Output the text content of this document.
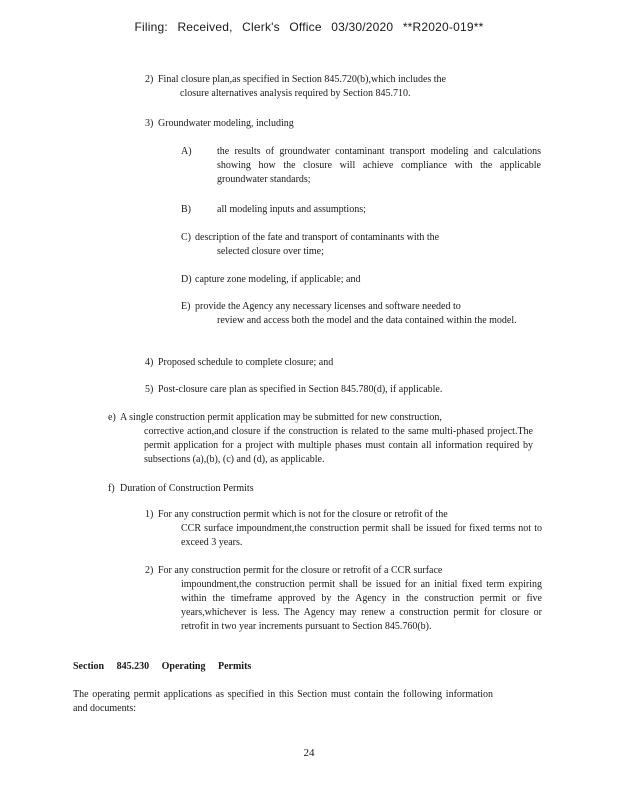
Filing: Received, Clerk's Office 03/30/2020 **R2020-019**
2) Final closure plan,as specified in Section 845.720(b),which includes the
closure alternatives analysis required by Section 845.710.
3) Groundwater modeling, including
A)	the results of groundwater contaminant transport modeling and calculations showing how the closure will achieve compliance with the applicable groundwater standards;
B)	all modeling inputs and assumptions;
C) description of the fate and transport of contaminants with the
selected closure over time;
D) capture zone modeling, if applicable; and
E) provide the Agency any necessary licenses and software needed to
review and access both the model and the data contained within the model.
4) Proposed schedule to complete closure; and
5) Post-closure care plan as specified in Section 845.780(d), if applicable.
e) A single construction permit application may be submitted for new construction,
corrective action,and closure if the construction is related to the same multi-phased project.The permit application for a project with multiple phases must contain all information required by subsections (a),(b), (c) and (d), as applicable.
f) Duration of Construction Permits
1) For any construction permit which is not for the closure or retrofit of the
CCR surface impoundment,the construction permit shall be issued for fixed terms not to exceed 3 years.
2) For any construction permit for the closure or retrofit of a CCR surface
impoundment,the construction permit shall be issued for an initial fixed term expiring within the timeframe approved by the Agency in the construction permit or five years,whichever is less. The Agency may renew a construction permit for closure or retrofit in two year increments pursuant to Section 845.760(b).
Section 845.230 Operating Permits
The operating permit applications as specified in this Section must contain the following information and documents:
24
